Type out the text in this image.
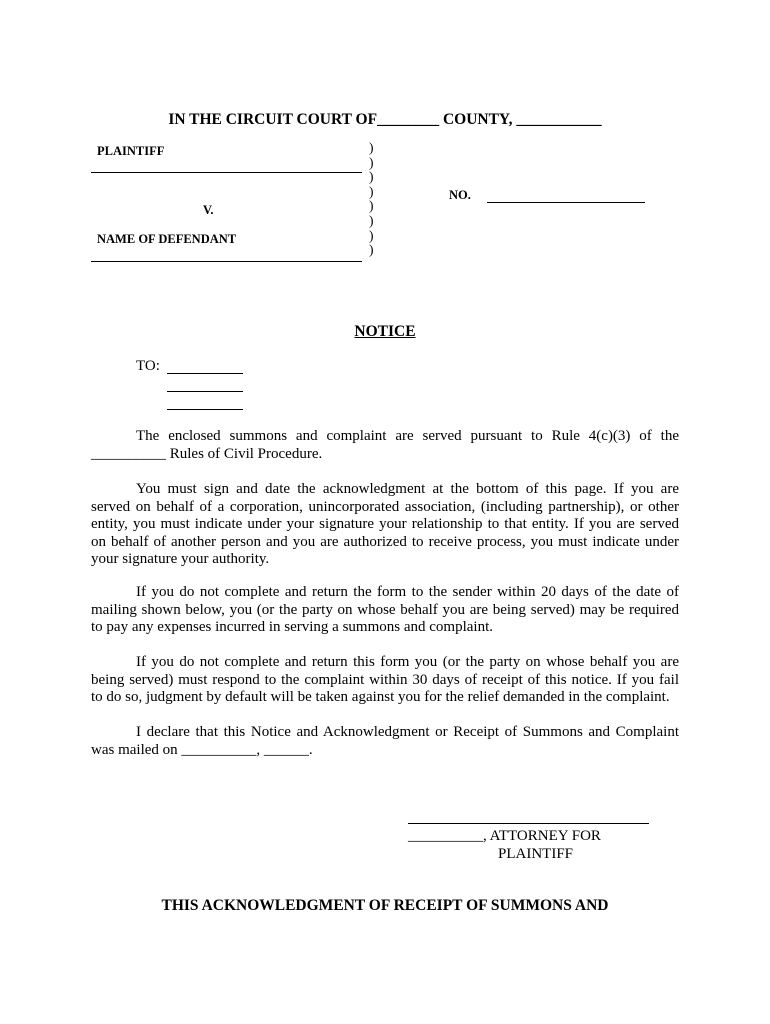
IN THE CIRCUIT COURT OF________ COUNTY, ___________
PLAINTIFF
V.
NAME OF DEFENDANT
)
)
)
)
)
)
)
)
NO.
NOTICE
TO:
The enclosed summons and complaint are served pursuant to Rule 4(c)(3) of the
__________ Rules of Civil Procedure.
You must sign and date the acknowledgment at the bottom of this page. If you are
served on behalf of a corporation, unincorporated association, (including partnership), or other
entity, you must indicate under your signature your relationship to that entity. If you are served
on behalf of another person and you are authorized to receive process, you must indicate under
your signature your authority.
If you do not complete and return the form to the sender within 20 days of the date of
mailing shown below, you (or the party on whose behalf you are being served) may be required
to pay any expenses incurred in serving a summons and complaint.
If you do not complete and return this form you (or the party on whose behalf you are
being served) must respond to the complaint within 30 days of receipt of this notice. If you fail
to do so, judgment by default will be taken against you for the relief demanded in the complaint.
I declare that this Notice and Acknowledgment or Receipt of Summons and Complaint
was mailed on __________, ______.
__________, ATTORNEY FOR
PLAINTIFF
THIS ACKNOWLEDGMENT OF RECEIPT OF SUMMONS AND
